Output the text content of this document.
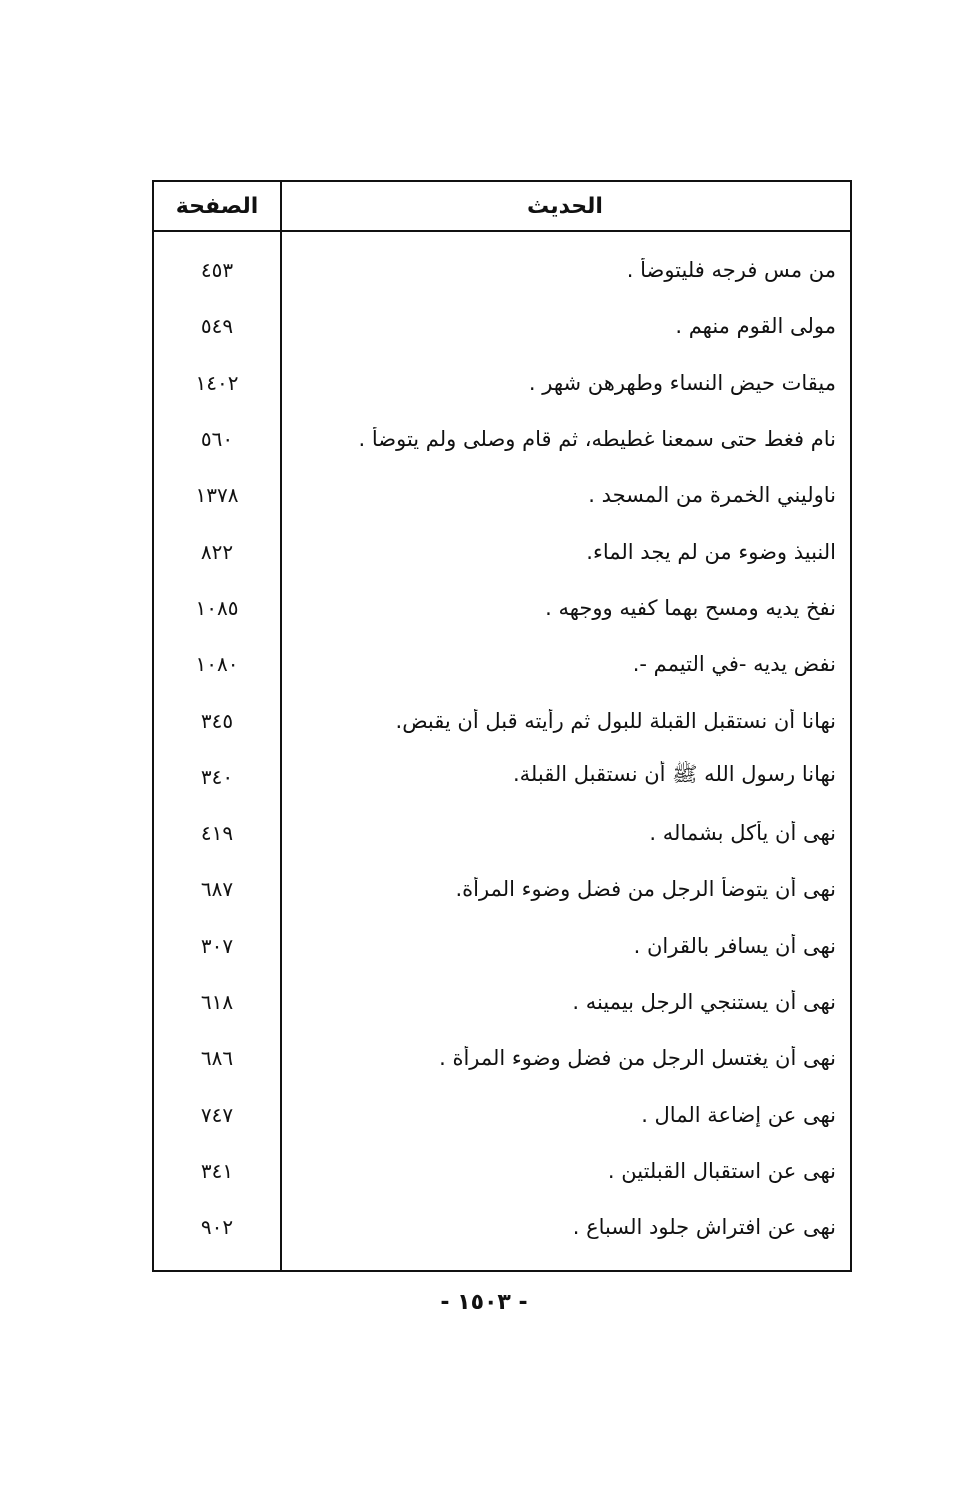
الحديث
الصفحة
من مس فرجه فليتوضأ .
٤٥٣
مولى القوم منهم .
٥٤٩
ميقات حيض النساء وطهرهن شهر .
١٤٠٢
نام فغط حتى سمعنا غطيطه، ثم قام وصلى ولم يتوضأ .
٥٦٠
ناوليني الخمرة من المسجد .
١٣٧٨
النبيذ وضوء من لم يجد الماء.
٨٢٢
نفخ يديه ومسح بهما كفيه ووجهه .
١٠٨٥
نفض يديه -في التيمم -.
١٠٨٠
نهانا أن نستقبل القبلة للبول ثم رأيته قبل أن يقبض.
٣٤٥
نهانا رسول الله ﷺ أن نستقبل القبلة.
٣٤٠
نهى أن يأكل بشماله .
٤١٩
نهى أن يتوضأ الرجل من فضل وضوء المرأة.
٦٨٧
نهى أن يسافر بالقران .
٣٠٧
نهى أن يستنجي الرجل بيمينه .
٦١٨
نهى أن يغتسل الرجل من فضل وضوء المرأة .
٦٨٦
نهى عن إضاعة المال .
٧٤٧
نهى عن استقبال القبلتين .
٣٤١
نهى عن افتراش جلود السباع .
٩٠٢
- ١٥٠٣ -
